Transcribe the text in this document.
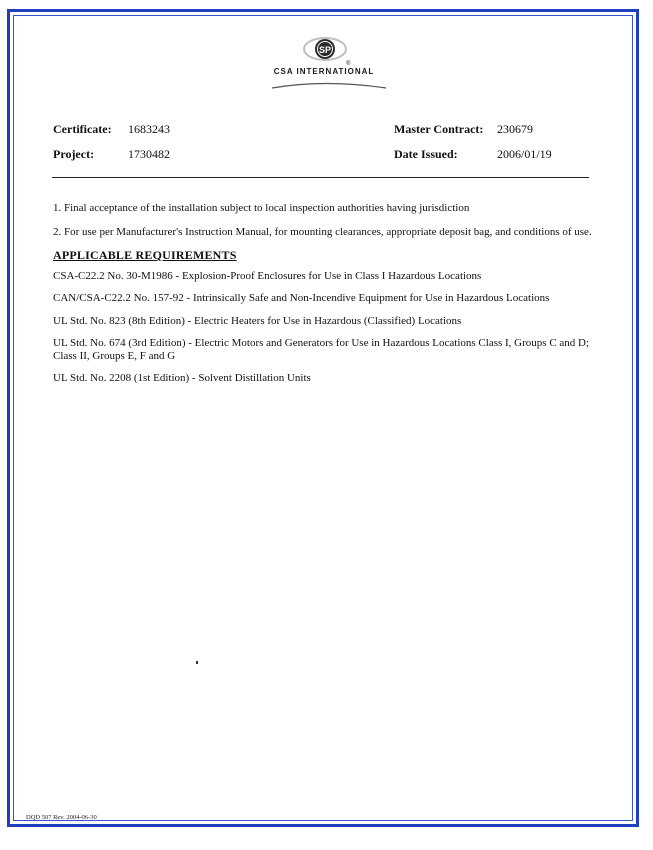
SP
®
CSA INTERNATIONAL
Certificate: 1683243
Project:	1730482
Master Contract: 230679
Date Issued:	2006/01/19

1. Final acceptance of the installation subject to local inspection authorities having jurisdiction

2. For use per Manufacturer's Instruction Manual, for mounting clearances, appropriate deposit bag, and conditions of use.

APPLICABLE REQUIREMENTS

CSA-C22.2 No. 30-M1986 - Explosion-Proof Enclosures for Use in Class I Hazardous Locations

CAN/CSA-C22.2 No. 157-92 - Intrinsically Safe and Non-Incendive Equipment for Use in Hazardous Locations

UL Std. No. 823 (8th Edition) - Electric Heaters for Use in Hazardous (Classified) Locations

UL Std. No. 674 (3rd Edition) - Electric Motors and Generators for Use in Hazardous Locations Class I, Groups C and D; Class II, Groups E, F and G

UL Std. No. 2208 (1st Edition) - Solvent Distillation Units

DQD 507 Rev. 2004-06-30
